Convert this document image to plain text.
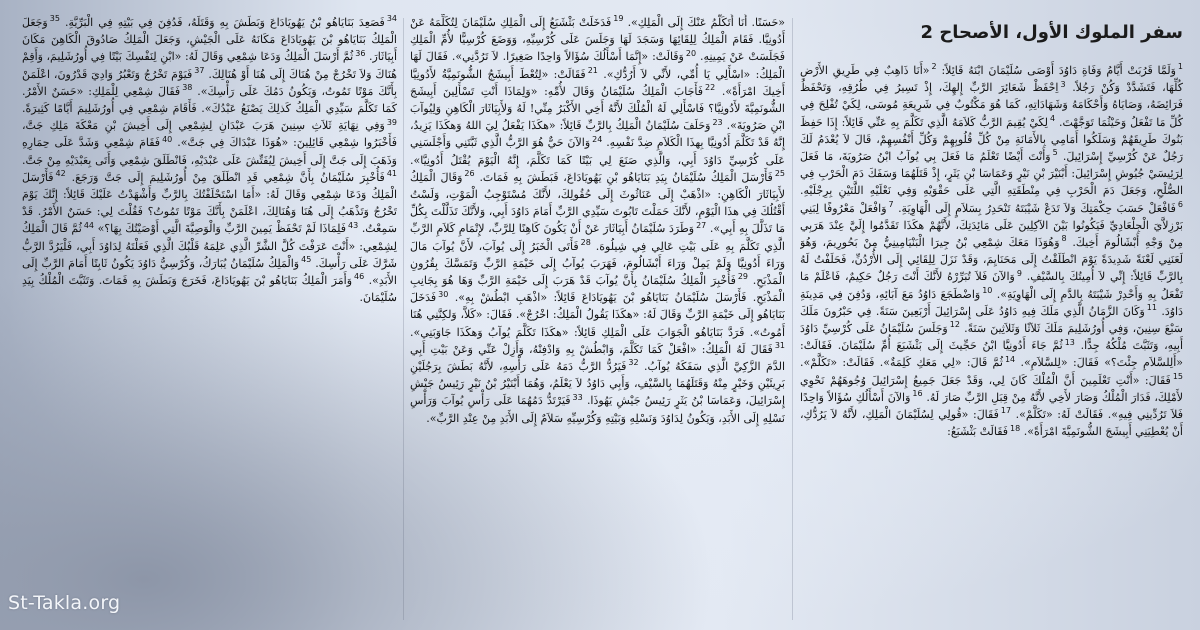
سفر الملوك الأول، الأصحاح 2
$^1$وَلَمَّا قَرُبَتْ أَيَّامُ وَفَاةِ دَاوُدَ أَوْصَى سُلَيْمَانَ ابْنَهُ قَائِلاً: $^2$«أَنَا ذَاهِبٌ فِي طَرِيقِ الأَرْضِ كُلِّهَا، فَتَشَدَّدْ وَكُنْ رَجُلاً. $^3$اِحْفَظْ شَعَائِرَ الرَّبِّ إِلهِكَ، إِذْ تَسِيرُ فِي طُرُقِهِ، وَتَحْفَظُ فَرَائِضَهُ، وَصَايَاهُ وَأَحْكَامَهُ وَشَهَادَاتِهِ، كَمَا هُوَ مَكْتُوبٌ فِي شَرِيعَةِ مُوسَى، لِكَيْ تُفْلِحَ فِي كُلِّ مَا تَفْعَلُ وَحَيْثُمَا تَوَجَّهْتَ. $^4$لِكَيْ يُقِيمَ الرَّبُّ كَلاَمَهُ الَّذِي تَكَلَّمَ بِهِ عَنِّي قَائِلاً: إِذَا حَفِظَ بَنُوكَ طَرِيقَهُمْ وَسَلَكُوا أَمَامِي بِالأَمَانَةِ مِنْ كُلِّ قُلُوبِهِمْ وَكُلِّ أَنْفُسِهِمْ، قَالَ لاَ يُعْدَمُ لَكَ رَجُلٌ عَنْ كُرْسِيِّ إِسْرَائِيلَ. $^5$وَأَنْتَ أَيْضًا تَعْلَمُ مَا فَعَلَ بِي يُوآبُ ابْنُ صَرُويَةَ، مَا فَعَلَ لِرَئِيسَيْ جُيُوشِ إِسْرَائِيلَ: أَبْنَيْرَ بْنِ نَيْرٍ وَعَمَاسَا بْنِ يَثَرٍ، إِذْ قَتَلَهُمَا وَسَفَكَ دَمَ الْحَرْبِ فِي الصُّلْحِ، وَجَعَلَ دَمَ الْحَرْبِ فِي مِنْطَقَتِهِ الَّتِي عَلَى حَقْوَيْهِ وَفِي نَعْلَيْهِ اللَّتَيْنِ بِرِجْلَيْهِ. $^6$فَافْعَلْ حَسَبَ حِكْمَتِكَ وَلاَ تَدَعْ شَيْبَتَهُ تَنْحَدِرُ بِسَلاَمٍ إِلَى الْهَاوِيَةِ. $^7$وَافْعَلْ مَعْرُوفًا لِبَنِي بَرْزِلاَّيَ الْجِلْعَادِيِّ فَيَكُونُوا بَيْنَ الآكِلِينَ عَلَى مَائِدَتِكَ، لأَنَّهُمْ هكَذَا تَقَدَّمُوا إِلَيَّ عِنْدَ هَرَبِي مِنْ وَجْهِ أَبْشَالُومَ أَخِيكَ. $^8$وَهُوَذَا مَعَكَ شِمْعِي بْنُ جِيرَا الْبَنْيَامِينِيُّ مِنْ بَحُورِيمَ، وَهُوَ لَعَنَنِي لَعْنَةً شَدِيدَةً يَوْمَ انْطَلَقْتُ إِلَى مَحَنَايِمَ، وَقَدْ نَزَلَ لِلِقَائِي إِلَى الأُرْدُنِّ، فَحَلَفْتُ لَهُ بِالرَّبِّ قَائِلاً: إِنِّي لاَ أُمِيتُكَ بِالسَّيْفِ. $^9$وَالآنَ فَلاَ تُبَرِّرْهُ لأَنَّكَ أَنْتَ رَجُلٌ حَكِيمٌ، فَاعْلَمْ مَا تَفْعَلُ بِهِ وَأَحْدِرْ شَيْبَتَهُ بِالدَّمِ إِلَى الْهَاوِيَةِ». $^{10}$وَاضْطَجَعَ دَاوُدُ مَعَ آبَائِهِ، وَدُفِنَ فِي مَدِينَةِ دَاوُدَ. $^{11}$وَكَانَ الزَّمَانُ الَّذِي مَلَكَ فِيهِ دَاوُدُ عَلَى إِسْرَائِيلَ أَرْبَعِينَ سَنَةً. فِي حَبْرُونَ مَلَكَ سَبْعَ سِنِينَ، وَفِي أُورُشَلِيمَ مَلَكَ ثَلاَثًا وَثَلاَثِينَ سَنَةً. $^{12}$وَجَلَسَ سُلَيْمَانُ عَلَى كُرْسِيِّ دَاوُدَ أَبِيهِ، وَتَثَبَّتَ مُلْكُهُ جِدًّا. $^{13}$ثُمَّ جَاءَ أَدُونِيَّا ابْنُ حَجِّيثَ إِلَى بَثْشَبَعَ أُمِّ سُلَيْمَانَ. فَقَالَتْ: «أَلِلسَّلاَمِ جِئْتَ؟» فَقَالَ: «لِلسَّلاَمِ». $^{14}$ثُمَّ قَالَ: «لِي مَعَكِ كَلِمَةٌ». فَقَالَتْ: «تَكَلَّمْ». $^{15}$فَقَالَ: «أَنْتِ تَعْلَمِينَ أَنَّ الْمُلْكَ كَانَ لِي، وَقَدْ جَعَلَ جَمِيعُ إِسْرَائِيلَ وُجُوهَهُمْ نَحْوِي لأَمْلِكَ، فَدَارَ الْمُلْكُ وَصَارَ لأَخِي لأَنَّهُ مِنْ قِبَلِ الرَّبِّ صَارَ لَهُ. $^{16}$وَالآنَ أَسْأَلُكِ سُؤَالاً وَاحِدًا فَلاَ تَرُدِّينِي فِيهِ». فَقَالَتْ لَهُ: «تَكَلَّمْ». $^{17}$فَقَالَ: «قُولِي لِسُلَيْمَانَ الْمَلِكِ، لأَنَّهُ لاَ يَرُدُّكِ، أَنْ يُعْطِيَنِي أَبِيشَجَ الشُّونَمِيَّةَ امْرَأَةً». $^{18}$فَقَالَتْ بَثْشَبَعُ:
«حَسَنًا. أَنَا أَتَكَلَّمُ عَنْكَ إِلَى الْمَلِكِ». $^{19}$فَدَخَلَتْ بَثْشَبَعُ إِلَى الْمَلِكِ سُلَيْمَانَ لِتُكَلِّمَهُ عَنْ أَدُونِيَّا. فَقَامَ الْمَلِكُ لِلِقَائِهَا وَسَجَدَ لَهَا وَجَلَسَ عَلَى كُرْسِيِّهِ، وَوَضَعَ كُرْسِيًّا لأُمِّ الْمَلِكِ فَجَلَسَتْ عَنْ يَمِينِهِ. $^{20}$وَقَالَتْ: «إِنَّمَا أَسْأَلُكَ سُؤَالاً وَاحِدًا صَغِيرًا. لاَ تَرُدَّنِي». فَقَالَ لَهَا الْمَلِكُ: «اسْأَلِي يَا أُمِّي، لأَنِّي لاَ أَرُدُّكِ». $^{21}$فَقَالَتْ: «لِتُعْطَ أَبِيشَجُ الشُّونَمِيَّةُ لأَدُونِيَّا أَخِيكَ امْرَأَةً». $^{22}$فَأَجَابَ الْمَلِكُ سُلَيْمَانُ وَقَالَ لأُمِّهِ: «وَلِمَاذَا أَنْتِ تَسْأَلِينَ أَبِيشَجَ الشُّونَمِيَّةَ لأَدُونِيَّا؟ فَاسْأَلِي لَهُ الْمُلْكَ لأَنَّهُ أَخِي الأَكْبَرُ مِنِّي! لَهُ وَلأَبِيَاثَارَ الْكَاهِنِ وَلِيُوآبَ ابْنِ صَرُويَةَ». $^{23}$وَحَلَفَ سُلَيْمَانُ الْمَلِكُ بِالرَّبِّ قَائِلاً: «هكَذَا يَفْعَلُ لِيَ اللهُ وَهكَذَا يَزِيدُ، إِنَّهُ قَدْ تَكَلَّمَ أَدُونِيَّا بِهذَا الْكَلاَمِ ضِدَّ نَفْسِهِ. $^{24}$وَالآنَ حَيٌّ هُوَ الرَّبُّ الَّذِي ثَبَّتَنِي وَأَجْلَسَنِي عَلَى كُرْسِيِّ دَاوُدَ أَبِي، وَالَّذِي صَنَعَ لِي بَيْتًا كَمَا تَكَلَّمَ، إِنَّهُ الْيَوْمَ يُقْتَلُ أَدُونِيَّا». $^{25}$فَأَرْسَلَ الْمَلِكُ سُلَيْمَانُ بِيَدِ بَنَايَاهُو بْنِ يَهُويَادَاعَ، فَبَطَشَ بِهِ فَمَاتَ. $^{26}$وَقَالَ الْمَلِكُ لأَبِيَاثَارَ الْكَاهِنِ: «اذْهَبْ إِلَى عَنَاثُوثَ إِلَى حُقُولِكَ، لأَنَّكَ مُسْتَوْجِبُ الْمَوْتِ، وَلَسْتُ أَقْتُلُكَ فِي هذَا الْيَوْمِ، لأَنَّكَ حَمَلْتَ تَابُوتَ سَيِّدِي الرَّبِّ أَمَامَ دَاوُدَ أَبِي، وَلأَنَّكَ تَذَلَّلْتَ بِكُلِّ مَا تَذَلَّلَ بِهِ أَبِي». $^{27}$وَطَرَدَ سُلَيْمَانُ أَبِيَاثَارَ عَنْ أَنْ يَكُونَ كَاهِنًا لِلرَّبِّ، لإِتْمَامِ كَلاَمِ الرَّبِّ الَّذِي تَكَلَّمَ بِهِ عَلَى بَيْتِ عَالِي فِي شِيلُوهَ. $^{28}$فَأَتَى الْخَبَرُ إِلَى يُوآبَ، لأَنَّ يُوآبَ مَالَ وَرَاءَ أَدُونِيَّا وَلَمْ يَمِلْ وَرَاءَ أَبْشَالُومَ، فَهَرَبَ يُوآبُ إِلَى خَيْمَةِ الرَّبِّ وَتَمَسَّكَ بِقُرُونِ الْمَذْبَحِ. $^{29}$فَأُخْبِرَ الْمَلِكُ سُلَيْمَانُ بِأَنَّ يُوآبَ قَدْ هَرَبَ إِلَى خَيْمَةِ الرَّبِّ وَهَا هُوَ بِجَانِبِ الْمَذْبَحِ. فَأَرْسَلَ سُلَيْمَانُ بَنَايَاهُو بْنَ يَهُويَادَاعَ قَائِلاً: «اذْهَبِ ابْطُشْ بِهِ». $^{30}$فَدَخَلَ بَنَايَاهُو إِلَى خَيْمَةِ الرَّبِّ وَقَالَ لَهُ: «هكَذَا يَقُولُ الْمَلِكُ: اخْرُجْ». فَقَالَ: «كَلاَّ، وَلكِنَّنِي هُنَا أَمُوتُ». فَرَدَّ بَنَايَاهُو الْجَوَابَ عَلَى الْمَلِكِ قَائِلاً: «هكَذَا تَكَلَّمَ يُوآبُ وَهكَذَا جَاوَبَنِي». $^{31}$فَقَالَ لَهُ الْمَلِكُ: «افْعَلْ كَمَا تَكَلَّمَ، وَابْطُشْ بِهِ وَادْفِنْهُ، وَأَزِلْ عَنِّي وَعَنْ بَيْتِ أَبِي الدَّمَ الزَّكِيَّ الَّذِي سَفَكَهُ يُوآبُ. $^{32}$فَيَرُدُّ الرَّبُّ دَمَهُ عَلَى رَأْسِهِ، لأَنَّهُ بَطَشَ بِرَجُلَيْنِ بَرِيئَيْنِ وَخَيْرٍ مِنْهُ وَقَتَلَهُمَا بِالسَّيْفِ، وَأَبِي دَاوُدُ لاَ يَعْلَمُ، وَهُمَا أَبْنَيْرُ بْنُ نَيْرٍ رَئِيسُ جَيْشِ إِسْرَائِيلَ، وَعَمَاسَا بْنُ يَثَرٍ رَئِيسُ جَيْشِ يَهُوذَا. $^{33}$فَيَرْتَدُّ دَمُهُمَا عَلَى رَأْسِ يُوآبَ وَرَأْسِ نَسْلِهِ إِلَى الأَبَدِ، وَيَكُونُ لِدَاوُدَ وَنَسْلِهِ وَبَيْتِهِ وَكُرْسِيِّهِ سَلاَمٌ إِلَى الأَبَدِ مِنْ عِنْدِ الرَّبِّ».
$^{34}$فَصَعِدَ بَنَايَاهُو بْنُ يَهُويَادَاعَ وَبَطَشَ بِهِ وَقَتَلَهُ، فَدُفِنَ فِي بَيْتِهِ فِي الْبَرِّيَّةِ. $^{35}$وَجَعَلَ الْمَلِكُ بَنَايَاهُو بْنَ يَهُويَادَاعَ مَكَانَهُ عَلَى الْجَيْشِ، وَجَعَلَ الْمَلِكُ صَادُوقَ الْكَاهِنَ مَكَانَ أَبِيَاثَارَ. $^{36}$ثُمَّ أَرْسَلَ الْمَلِكُ وَدَعَا شِمْعِي وَقَالَ لَهُ: «ابْنِ لِنَفْسِكَ بَيْتًا فِي أُورُشَلِيمَ، وَأَقِمْ هُنَاكَ وَلاَ تَخْرُجْ مِنْ هُنَاكَ إِلَى هُنَا أَوْ هُنَالِكَ. $^{37}$فَيَوْمَ تَخْرُجُ وَتَعْبُرُ وَادِيَ قَدْرُونَ، اعْلَمَنْ بِأَنَّكَ مَوْتًا تَمُوتُ، وَيَكُونُ دَمُكَ عَلَى رَأْسِكَ». $^{38}$فَقَالَ شِمْعِي لِلْمَلِكِ: «حَسَنٌ الأَمْرُ. كَمَا تَكَلَّمَ سَيِّدِي الْمَلِكُ كَذلِكَ يَصْنَعُ عَبْدُكَ». فَأَقَامَ شِمْعِي فِي أُورُشَلِيمَ أَيَّامًا كَثِيرَةً. $^{39}$وَفِي نِهَايَةِ ثَلاَثِ سِنِينَ هَرَبَ عَبْدَانِ لِشِمْعِي إِلَى أَخِيشَ بْنِ مَعْكَةَ مَلِكِ جَتَّ، فَأَخْبَرُوا شِمْعِي قَائِلِينَ: «هُوَذَا عَبْدَاكَ فِي جَتَّ». $^{40}$فَقَامَ شِمْعِي وَشَدَّ عَلَى حِمَارِهِ وَذَهَبَ إِلَى جَتَّ إِلَى أَخِيشَ لِيُفَتِّشَ عَلَى عَبْدَيْهِ، فَانْطَلَقَ شِمْعِي وَأَتَى بِعَبْدَيْهِ مِنْ جَتَّ. $^{41}$فَأُخْبِرَ سُلَيْمَانُ بِأَنَّ شِمْعِي قَدِ انْطَلَقَ مِنْ أُورُشَلِيمَ إِلَى جَتَّ وَرَجَعَ. $^{42}$فَأَرْسَلَ الْمَلِكُ وَدَعَا شِمْعِي وَقَالَ لَهُ: «أَمَا اسْتَحْلَفْتُكَ بِالرَّبِّ وَأَشْهَدْتُ عَلَيْكَ قَائِلاً: إِنَّكَ يَوْمَ تَخْرُجُ وَتَذْهَبُ إِلَى هُنَا وَهُنَالِكَ، اعْلَمَنْ بِأَنَّكَ مَوْتًا تَمُوتُ؟ فَقُلْتَ لِي: حَسَنٌ الأَمْرُ. قَدْ سَمِعْتُ. $^{43}$فَلِمَاذَا لَمْ تَحْفَظْ يَمِينَ الرَّبِّ وَالْوَصِيَّةَ الَّتِي أَوْصَيْتُكَ بِهَا؟» $^{44}$ثُمَّ قَالَ الْمَلِكُ لِشِمْعِي: «أَنْتَ عَرَفْتَ كُلَّ الشَّرِّ الَّذِي عَلِمَهُ قَلْبُكَ الَّذِي فَعَلْتَهُ لِدَاوُدَ أَبِي، فَلْيَرُدَّ الرَّبُّ شَرَّكَ عَلَى رَأْسِكَ. $^{45}$وَالْمَلِكُ سُلَيْمَانُ يُبَارَكُ، وَكُرْسِيُّ دَاوُدَ يَكُونُ ثَابِتًا أَمَامَ الرَّبِّ إِلَى الأَبَدِ». $^{46}$وَأَمَرَ الْمَلِكُ بَنَايَاهُو بْنَ يَهُويَادَاعَ، فَخَرَجَ وَبَطَشَ بِهِ فَمَاتَ. وَتَثَبَّتَ الْمُلْكُ بِيَدِ سُلَيْمَانَ.
St-Takla.org
